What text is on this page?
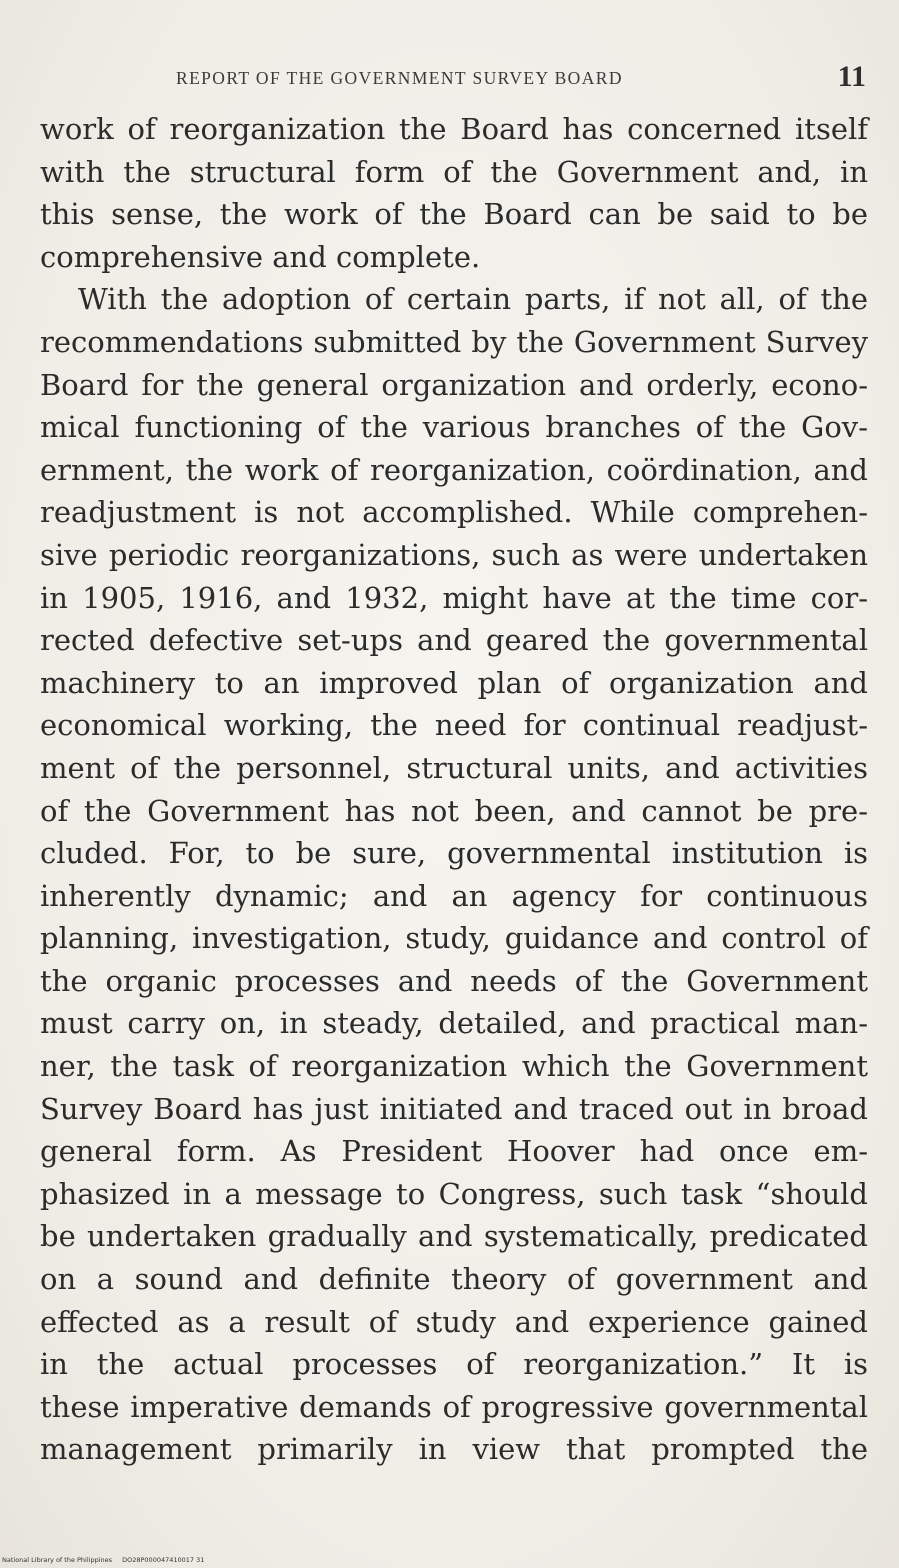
REPORT OF THE GOVERNMENT SURVEY BOARD	11
work of reorganization the Board has concerned itself
with the structural form of the Government and, in
this sense, the work of the Board can be said to be
comprehensive and complete.
With the adoption of certain parts, if not all, of the
recommendations submitted by the Government Survey
Board for the general organization and orderly, econo-
mical functioning of the various branches of the Gov-
ernment, the work of reorganization, coördination, and
readjustment is not accomplished. While comprehen-
sive periodic reorganizations, such as were undertaken
in 1905, 1916, and 1932, might have at the time cor-
rected defective set-ups and geared the governmental
machinery to an improved plan of organization and
economical working, the need for continual readjust-
ment of the personnel, structural units, and activities
of the Government has not been, and cannot be pre-
cluded. For, to be sure, governmental institution is
inherently dynamic; and an agency for continuous
planning, investigation, study, guidance and control of
the organic processes and needs of the Government
must carry on, in steady, detailed, and practical man-
ner, the task of reorganization which the Government
Survey Board has just initiated and traced out in broad
general form. As President Hoover had once em-
phasized in a message to Congress, such task “should
be undertaken gradually and systematically, predicated
on a sound and definite theory of government and
effected as a result of study and experience gained
in the actual processes of reorganization.” It is
these imperative demands of progressive governmental
management primarily in view that prompted the
National Library of the Philippines DO28P000047410017 31
